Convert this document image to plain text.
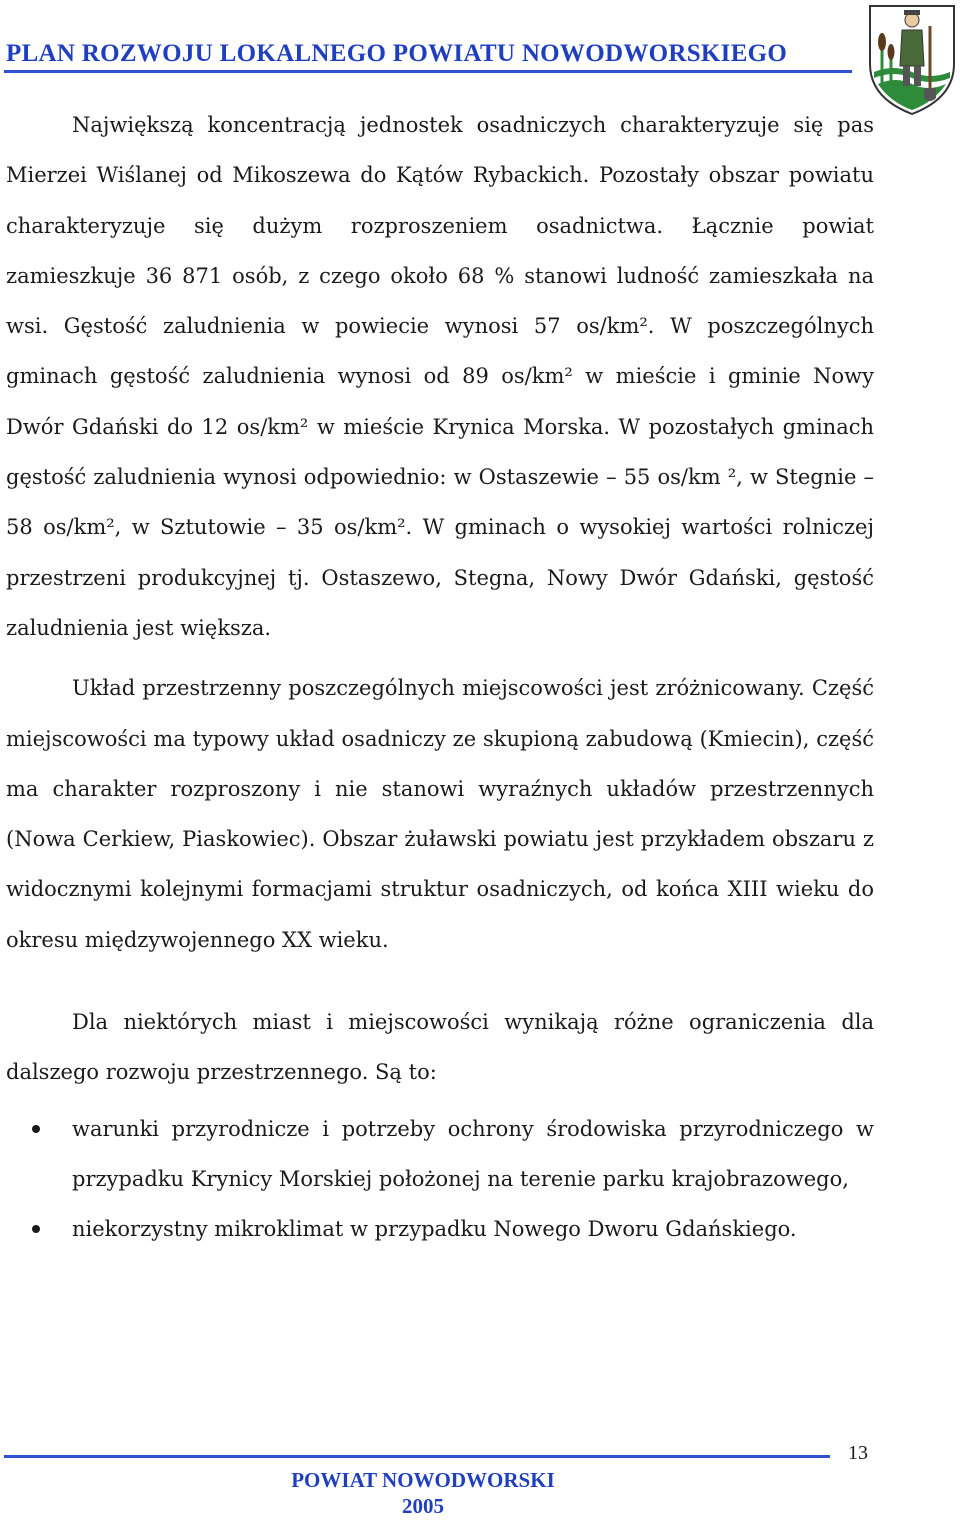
PLAN ROZWOJU LOKALNEGO POWIATU NOWODWORSKIEGO

Największą koncentracją jednostek osadniczych charakteryzuje się pas Mierzei Wiślanej od Mikoszewa do Kątów Rybackich. Pozostały obszar powiatu charakteryzuje się dużym rozproszeniem osadnictwa. Łącznie powiat zamieszkuje 36 871 osób, z czego około 68 % stanowi ludność zamieszkała na wsi. Gęstość zaludnienia w powiecie wynosi 57 os/km². W poszczególnych gminach gęstość zaludnienia wynosi od 89 os/km² w mieście i gminie Nowy Dwór Gdański do 12 os/km² w mieście Krynica Morska. W pozostałych gminach gęstość zaludnienia wynosi odpowiednio: w Ostaszewie – 55 os/km ², w Stegnie – 58 os/km², w Sztutowie – 35 os/km². W gminach o wysokiej wartości rolniczej przestrzeni produkcyjnej tj. Ostaszewo, Stegna, Nowy Dwór Gdański, gęstość zaludnienia jest większa.

Układ przestrzenny poszczególnych miejscowości jest zróżnicowany. Część miejscowości ma typowy układ osadniczy ze skupioną zabudową (Kmiecin), część ma charakter rozproszony i nie stanowi wyraźnych układów przestrzennych (Nowa Cerkiew, Piaskowiec). Obszar żuławski powiatu jest przykładem obszaru z widocznymi kolejnymi formacjami struktur osadniczych, od końca XIII wieku do okresu międzywojennego XX wieku.

Dla niektórych miast i miejscowości wynikają różne ograniczenia dla dalszego rozwoju przestrzennego. Są to:

warunki przyrodnicze i potrzeby ochrony środowiska przyrodniczego w przypadku Krynicy Morskiej położonej na terenie parku krajobrazowego,
niekorzystny mikroklimat w przypadku Nowego Dworu Gdańskiego.
13
POWIAT NOWODWORSKI
2005
